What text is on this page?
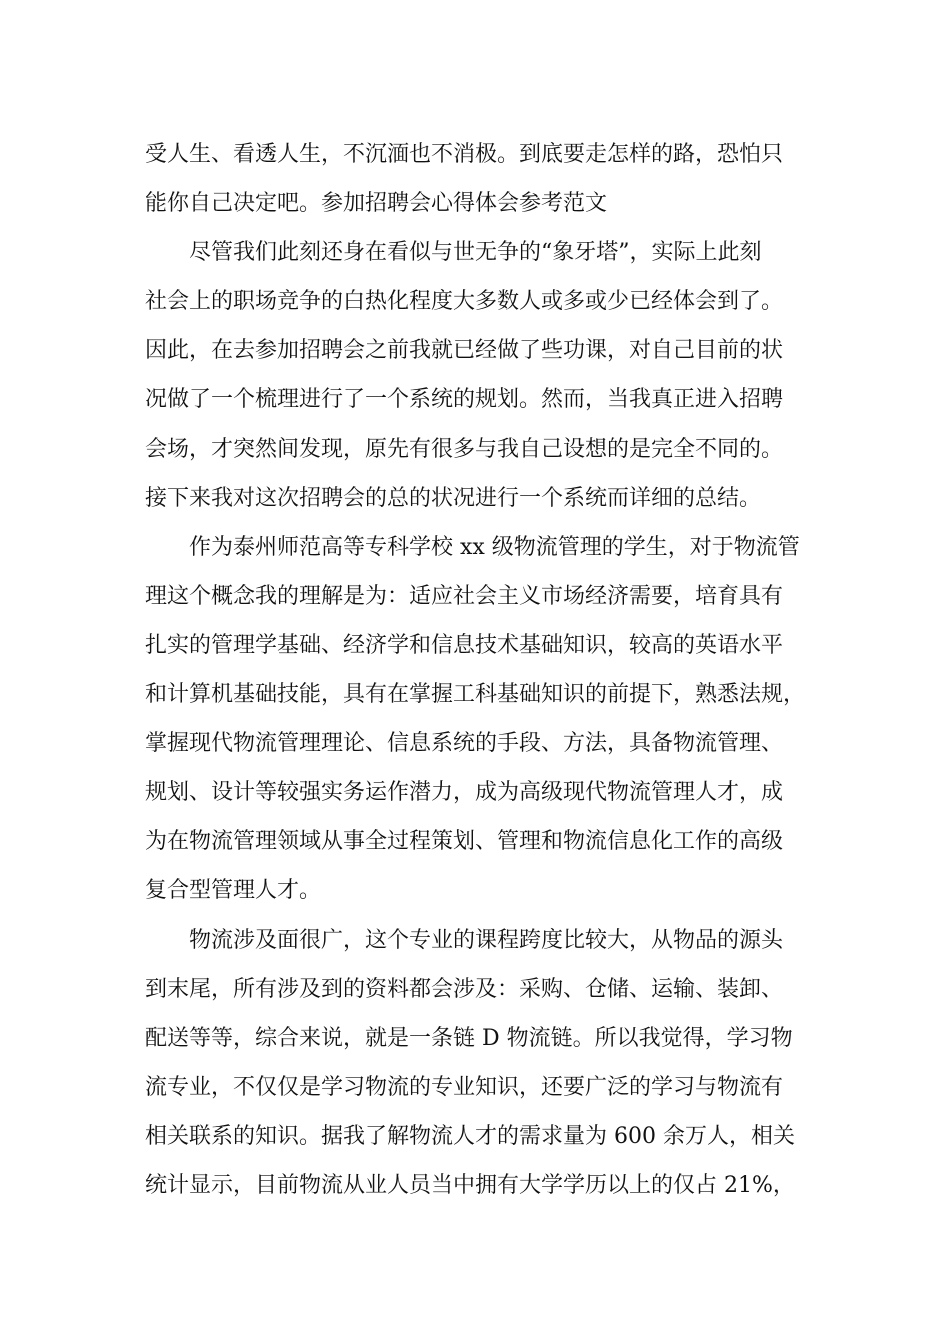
受人生、看透人生，不沉湎也不消极。到底要走怎样的路，恐怕只
能你自己决定吧。参加招聘会心得体会参考范文
尽管我们此刻还身在看似与世无争的“象牙塔”，实际上此刻
社会上的职场竞争的白热化程度大多数人或多或少已经体会到了。
因此，在去参加招聘会之前我就已经做了些功课，对自己目前的状
况做了一个梳理进行了一个系统的规划。然而，当我真正进入招聘
会场，才突然间发现，原先有很多与我自己设想的是完全不同的。
接下来我对这次招聘会的总的状况进行一个系统而详细的总结。
作为泰州师范高等专科学校 xx 级物流管理的学生，对于物流管
理这个概念我的理解是为：适应社会主义市场经济需要，培育具有
扎实的管理学基础、经济学和信息技术基础知识，较高的英语水平
和计算机基础技能，具有在掌握工科基础知识的前提下，熟悉法规，
掌握现代物流管理理论、信息系统的手段、方法，具备物流管理、
规划、设计等较强实务运作潜力，成为高级现代物流管理人才，成
为在物流管理领域从事全过程策划、管理和物流信息化工作的高级
复合型管理人才。
物流涉及面很广，这个专业的课程跨度比较大，从物品的源头
到末尾，所有涉及到的资料都会涉及：采购、仓储、运输、装卸、
配送等等，综合来说，就是一条链 D 物流链。所以我觉得，学习物
流专业，不仅仅是学习物流的专业知识，还要广泛的学习与物流有
相关联系的知识。据我了解物流人才的需求量为 600 余万人，相关
统计显示，目前物流从业人员当中拥有大学学历以上的仅占 21%，
